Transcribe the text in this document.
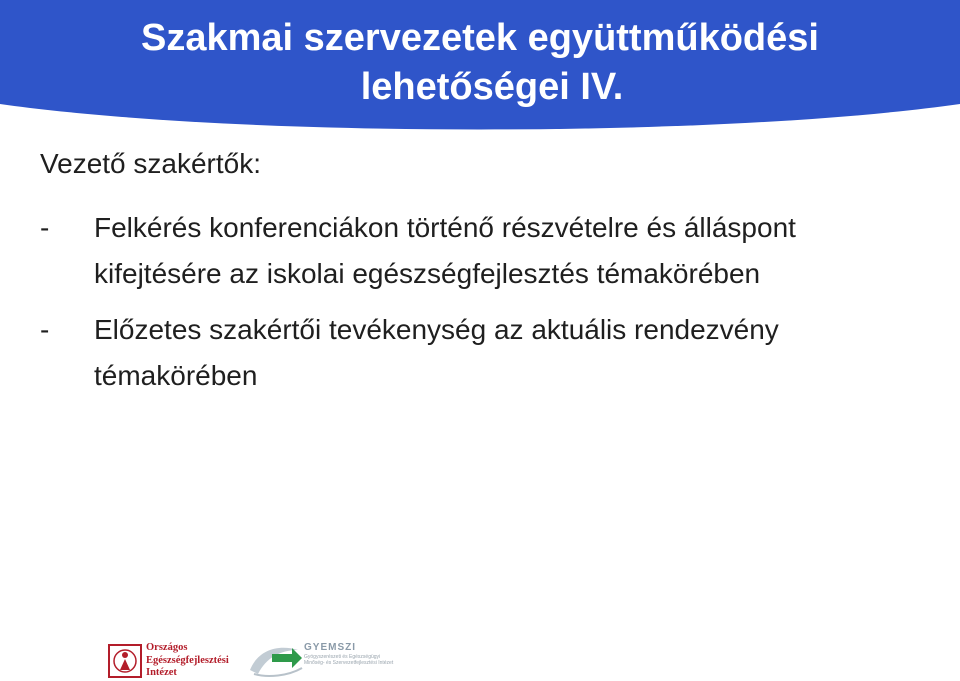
Szakmai szervezetek együttműködési
lehetőségei IV.

Vezető szakértők:

- Felkérés konferenciákon történő részvételre és álláspont
kifejtésére az iskolai egészségfejlesztés témakörében
- Előzetes szakértői tevékenység az aktuális rendezvény
témakörében
Országos
Egészségfejlesztési
Intézet
GYEMSZI
Gyógyszerészeti és Egészségügyi
Minőség- és Szervezetfejlesztési Intézet
